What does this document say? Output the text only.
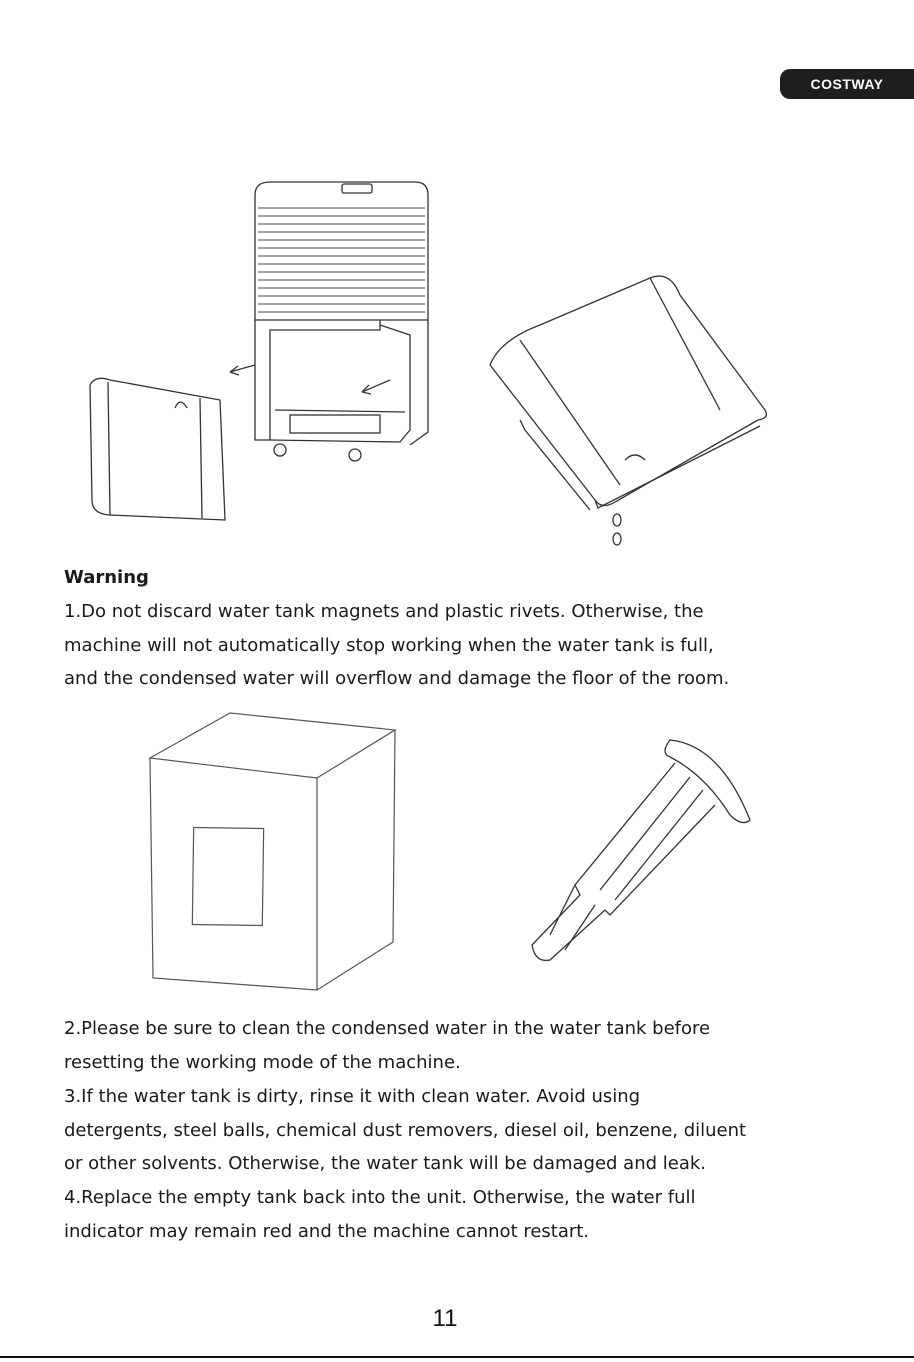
COSTWAY
Warning

1.Do not discard water tank magnets and plastic rivets. Otherwise, the
machine will not automatically stop working when the water tank is full,
and the condensed water will overflow and damage the floor of the room.

2.Please be sure to clean the condensed water in the water tank before
resetting the working mode of the machine.

3.If the water tank is dirty, rinse it with clean water. Avoid using
detergents, steel balls, chemical dust removers, diesel oil, benzene, diluent
or other solvents. Otherwise, the water tank will be damaged and leak.

4.Replace the empty tank back into the unit. Otherwise, the water full
indicator may remain red and the machine cannot restart.

11
